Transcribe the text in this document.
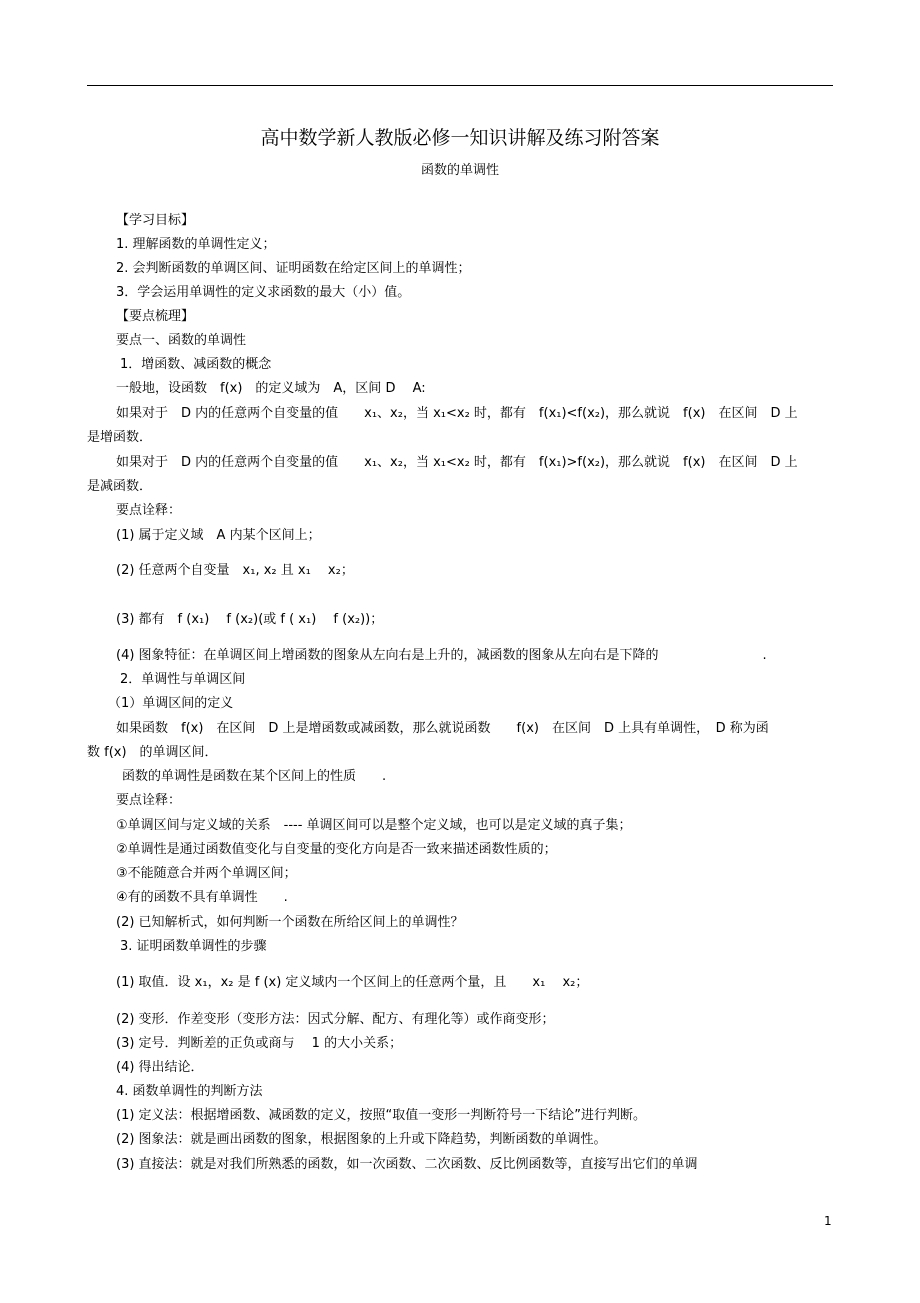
高中数学新人教版必修一知识讲解及练习附答案
函数的单调性
【学习目标】
1. 理解函数的单调性定义；
2. 会判断函数的单调区间、证明函数在给定区间上的单调性；
3．学会运用单调性的定义求函数的最大（小）值。
【要点梳理】
要点一、函数的单调性
1．增函数、减函数的概念
一般地，设函数　f(x)　的定义域为　A，区间 D　 A:
如果对于　D 内的任意两个自变量的值　　x₁、x₂，当 x₁<x₂ 时，都有　f(x₁)<f(x₂)，那么就说　f(x)　在区间　D 上
是增函数．
如果对于　D 内的任意两个自变量的值　　x₁、x₂，当 x₁<x₂ 时，都有　f(x₁)>f(x₂)，那么就说　f(x)　在区间　D 上
是减函数．
要点诠释：
(1) 属于定义域　A 内某个区间上；
(2) 任意两个自变量　x₁, x₂ 且 x₁　 x₂；
(3) 都有　f (x₁)　 f (x₂)(或 f ( x₁)　 f (x₂))；
(4) 图象特征：在单调区间上增函数的图象从左向右是上升的，减函数的图象从左向右是下降的　　　　　　　　.
2．单调性与单调区间
（1）单调区间的定义
如果函数　f(x)　在区间　D 上是增函数或减函数，那么就说函数　　f(x)　在区间　D 上具有单调性，　D 称为函
数 f(x)　的单调区间．
函数的单调性是函数在某个区间上的性质　　.
要点诠释：
①单调区间与定义域的关系　---- 单调区间可以是整个定义域，也可以是定义域的真子集；
②单调性是通过函数值变化与自变量的变化方向是否一致来描述函数性质的；
③不能随意合并两个单调区间；
④有的函数不具有单调性　　.
(2) 已知解析式，如何判断一个函数在所给区间上的单调性？
3. 证明函数单调性的步骤
(1) 取值．设 x₁，x₂ 是 f (x) 定义域内一个区间上的任意两个量，且　　x₁　 x₂；
(2) 变形．作差变形（变形方法：因式分解、配方、有理化等）或作商变形；
(3) 定号．判断差的正负或商与　 1 的大小关系；
(4) 得出结论．
4. 函数单调性的判断方法
(1) 定义法：根据增函数、减函数的定义，按照“取值一变形一判断符号一下结论”进行判断。
(2) 图象法：就是画出函数的图象，根据图象的上升或下降趋势，判断函数的单调性。
(3) 直接法：就是对我们所熟悉的函数，如一次函数、二次函数、反比例函数等，直接写出它们的单调
1
